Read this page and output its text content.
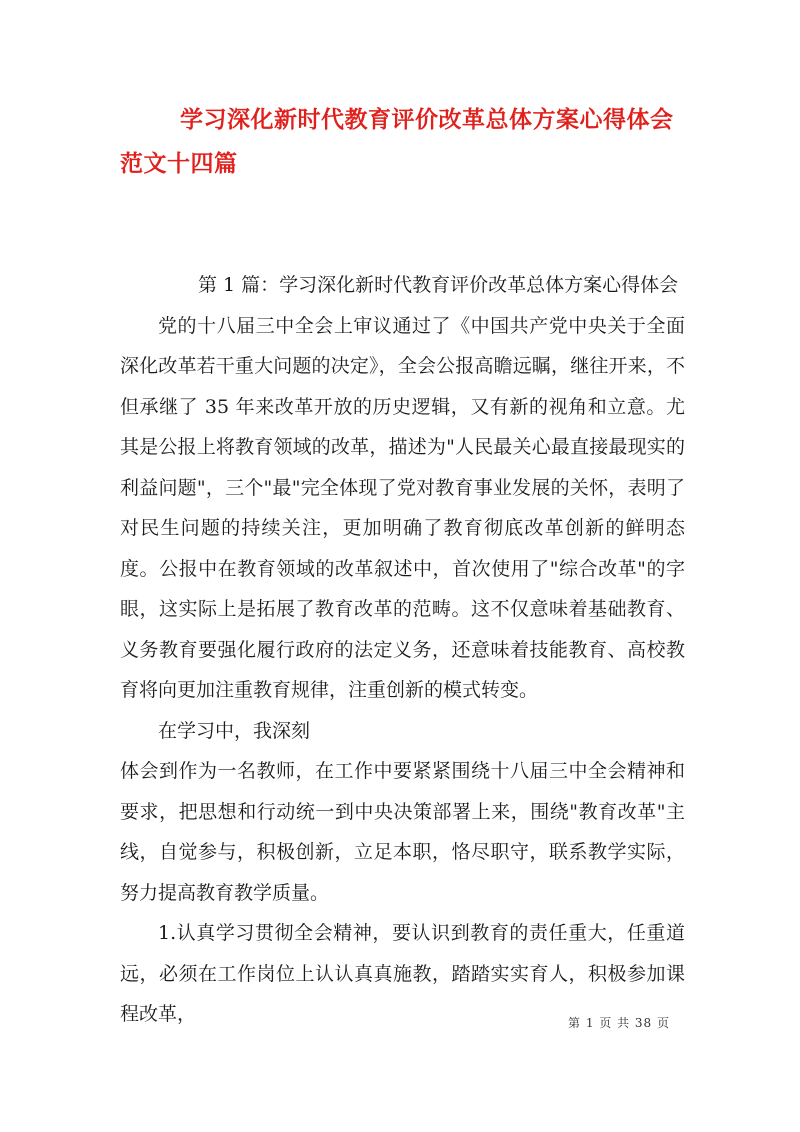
学习深化新时代教育评价改革总体方案心得体会范文十四篇

第 1 篇：学习深化新时代教育评价改革总体方案心得体会

党的十八届三中全会上审议通过了《中国共产党中央关于全面深化改革若干重大问题的决定》，全会公报高瞻远瞩，继往开来，不但承继了 35 年来改革开放的历史逻辑，又有新的视角和立意。尤其是公报上将教育领域的改革，描述为"人民最关心最直接最现实的利益问题"，三个"最"完全体现了党对教育事业发展的关怀，表明了对民生问题的持续关注，更加明确了教育彻底改革创新的鲜明态度。公报中在教育领域的改革叙述中，首次使用了"综合改革"的字眼，这实际上是拓展了教育改革的范畴。这不仅意味着基础教育、义务教育要强化履行政府的法定义务，还意味着技能教育、高校教育将向更加注重教育规律，注重创新的模式转变。

在学习中，我深刻

体会到作为一名教师，在工作中要紧紧围绕十八届三中全会精神和要求，把思想和行动统一到中央决策部署上来，围绕"教育改革"主线，自觉参与，积极创新，立足本职，恪尽职守，联系教学实际，努力提高教育教学质量。

1.认真学习贯彻全会精神，要认识到教育的责任重大，任重道远，必须在工作岗位上认认真真施教，踏踏实实育人，积极参加课程改革，	第 1 页 共 38 页
